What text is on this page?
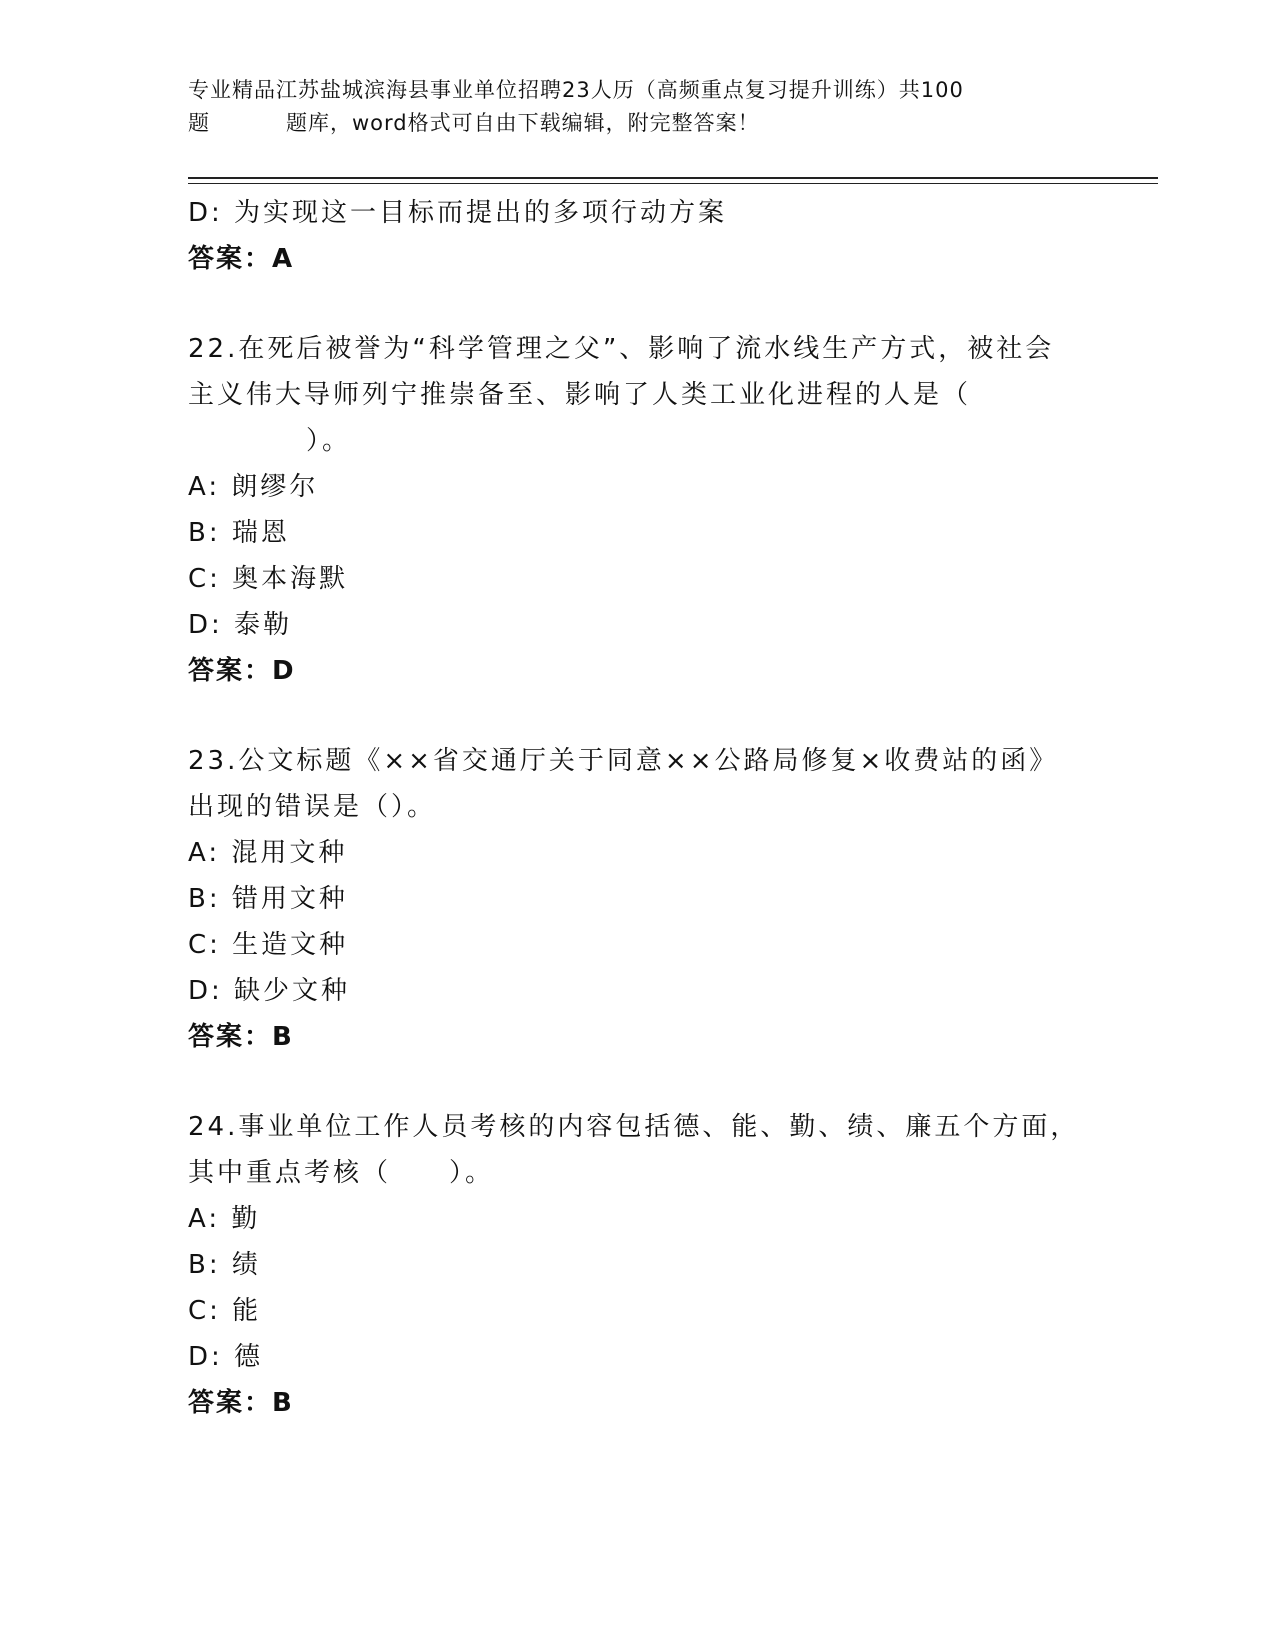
专业精品江苏盐城滨海县事业单位招聘23人历（高频重点复习提升训练）共100
题	题库，word格式可自由下载编辑，附完整答案！
D: 为实现这一目标而提出的多项行动方案
答案：A
22.在死后被誉为“科学管理之父”、影响了流水线生产方式，被社会
主义伟大导师列宁推崇备至、影响了人类工业化进程的人是（
）。
A: 朗缪尔
B: 瑞恩
C: 奥本海默
D: 泰勒
答案：D
23.公文标题《××省交通厅关于同意××公路局修复×收费站的函》
出现的错误是（）。
A: 混用文种
B: 错用文种
C: 生造文种
D: 缺少文种
答案：B
24.事业单位工作人员考核的内容包括德、能、勤、绩、廉五个方面，
其中重点考核（　　）。
A: 勤
B: 绩
C: 能
D: 德
答案：B
